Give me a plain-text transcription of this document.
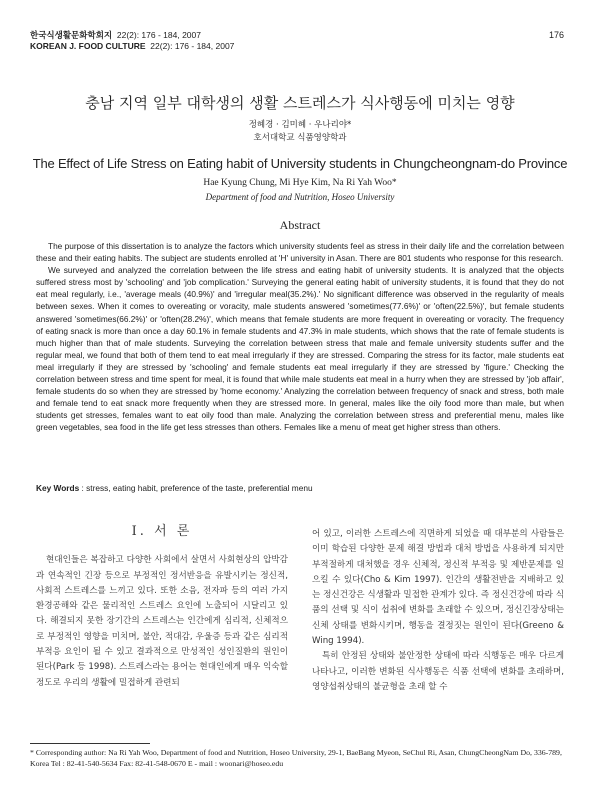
한국식생활문화학회지 22(2): 176 - 184, 2007
KOREAN J. FOOD CULTURE 22(2): 176 - 184, 2007
176
충남 지역 일부 대학생의 생활 스트레스가 식사행동에 미치는 영향
정혜경 · 김미혜 · 우나리야*
호서대학교 식품영양학과
The Effect of Life Stress on Eating habit of University students in Chungcheongnam-do Province
Hae Kyung Chung, Mi Hye Kim, Na Ri Yah Woo*
Department of food and Nutrition, Hoseo University
Abstract

The purpose of this dissertation is to analyze the factors which university students feel as stress in their daily life and the correlation between these and their eating habits. The subject are students enrolled at 'H' university in Asan. There are 801 students who response for this research.

We surveyed and analyzed the correlation between the life stress and eating habit of university students. It is analyzed that the objects suffered stress most by 'schooling' and 'job complication.' Surveying the general eating habit of university students, it is found that they do not eat meal regularly, i.e., 'average meals (40.9%)' and 'irregular meal(35.2%).' No significant difference was observed in the regularity of meals between sexes. When it comes to overeating or voracity, male students answered 'sometimes(77.6%)' or 'often(22.5%)', but female students answered 'sometimes(66.2%)' or 'often(28.2%)', which means that female students are more frequent in overeating or voracity. The frequency of eating snack is more than once a day 60.1% in female students and 47.3% in male students, which shows that the rate of female students is much higher than that of male students. Surveying the correlation between stress that male and female university students suffer and the regular meal, we found that both of them tend to eat meal irregularly if they are stressed. Comparing the stress for its factor, male students eat meal irregularly if they are stressed by 'schooling' and female students eat meal irregularly if they are stressed by 'figure.' Checking the correlation between stress and time spent for meal, it is found that while male students eat meal in a hurry when they are stressed by 'job affair', female students do so when they are stressed by 'home economy.' Analyzing the correlation between frequency of snack and stress, both male and female tend to eat snack more frequently when they are stressed more. In general, males like the oily food more than male, but when students get stresses, females want to eat oily food than male. Analyzing the correlation between stress and preferential menu, males like green vegetables, sea food in the life get less stresses than others. Females like a menu of meat get higher stress than others.

Key Words : stress, eating habit, preference of the taste, preferential menu
Ⅰ. 서 론

현대인들은 복잡하고 다양한 사회에서 살면서 사회현상의 압박감과 연속적인 긴장 등으로 부정적인 정서반응을 유발시키는 정신적, 사회적 스트레스를 느끼고 있다. 또한 소음, 전자파 등의 여러 가지 환경공해와 같은 물리적인 스트레스 요인에 노출되어 시달리고 있다. 해결되지 못한 장기간의 스트레스는 인간에게 심리적, 신체적으로 부정적인 영향을 미치며, 불안, 적대감, 우울증 등과 같은 심리적 부적응 요인이 될 수 있고 결과적으로 만성적인 성인질환의 원인이 된다(Park 등 1998). 스트레스라는 용어는 현대인에게 매우 익숙할 정도로 우리의 생활에 밀접하게 관련되

어 있고, 이러한 스트레스에 직면하게 되었을 때 대부분의 사람들은 이미 학습된 다양한 문제 해결 방법과 대처 방법을 사용하게 되지만 부적절하게 대처했을 경우 신체적, 정신적 부적응 및 제반문제를 일으킬 수 있다(Cho & Kim 1997). 인간의 생활전반을 지배하고 있는 정신건강은 식생활과 밀접한 관계가 있다. 즉 정신건강에 따라 식품의 선택 및 식이 섭취에 변화를 초래할 수 있으며, 정신긴장상태는 신체 상태를 변화시키며, 행동을 결정짓는 원인이 된다(Greeno & Wing 1994).

특히 안정된 상태와 불안정한 상태에 따라 식행동은 매우 다르게 나타나고, 이러한 변화된 식사행동은 식품 선택에 변화를 초래하며, 영양섭취상태의 불균형을 초래 할 수

* Corresponding author: Na Ri Yah Woo, Department of food and Nutrition, Hoseo University, 29-1, BaeBang Myeon, SeChul Ri, Asan, ChungCheongNam Do, 336-789, Korea Tel : 82-41-540-5634 Fax: 82-41-548-0670 E - mail : woonari@hoseo.edu
